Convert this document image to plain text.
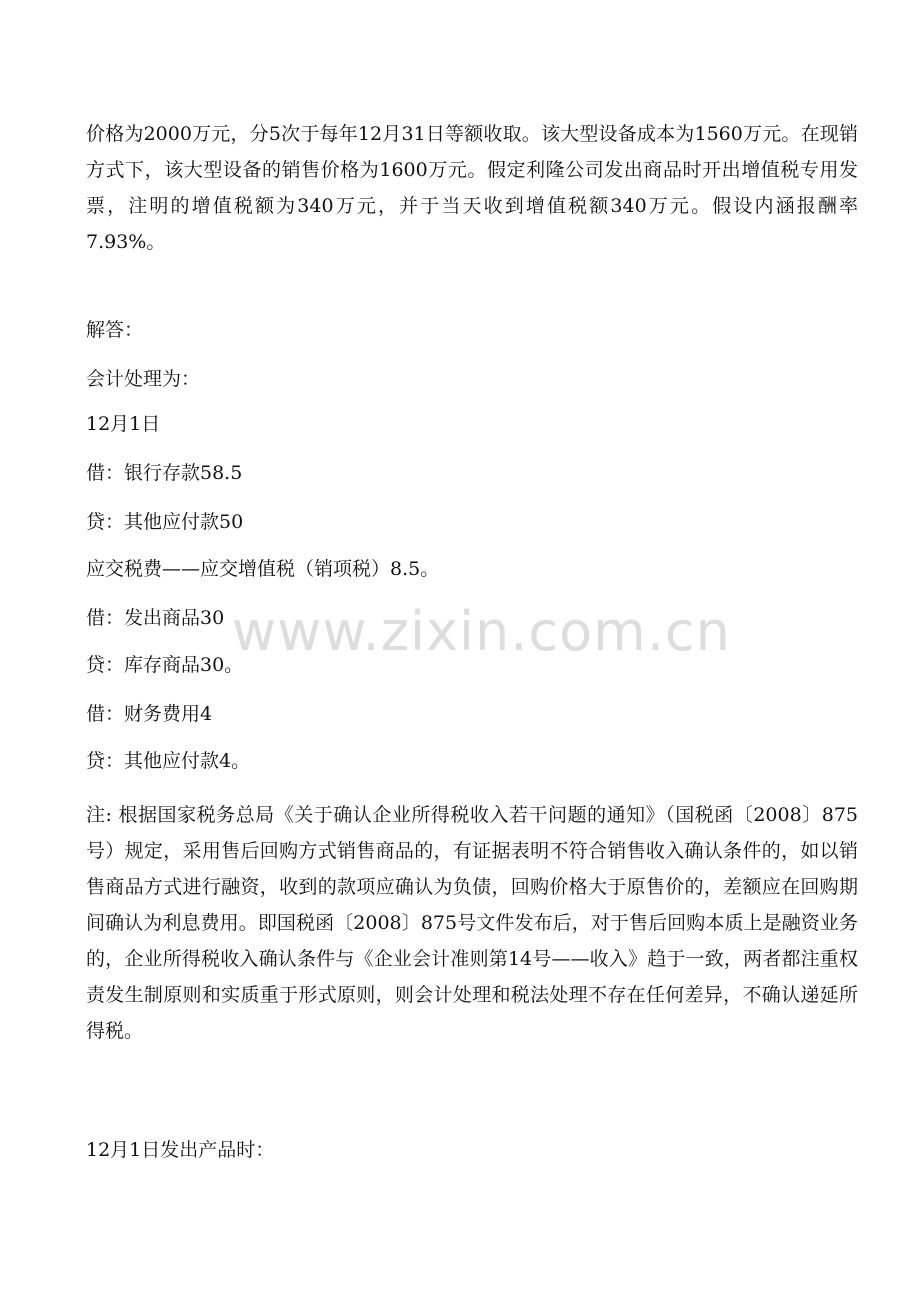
价格为2000万元，分5次于每年12月31日等额收取。该大型设备成本为1560万元。在现销方式下，该大型设备的销售价格为1600万元。假定利隆公司发出商品时开出增值税专用发票，注明的增值税额为340万元，并于当天收到增值税额340万元。假设内涵报酬率7.93%。
解答：
会计处理为：
12月1日
借：银行存款58.5
贷：其他应付款50
应交税费——应交增值税（销项税）8.5。
借：发出商品30
贷：库存商品30。
借：财务费用4
贷：其他应付款4。
注: 根据国家税务总局《关于确认企业所得税收入若干问题的通知》（国税函〔2008〕875号）规定，采用售后回购方式销售商品的，有证据表明不符合销售收入确认条件的，如以销售商品方式进行融资，收到的款项应确认为负债，回购价格大于原售价的，差额应在回购期间确认为利息费用。即国税函〔2008〕875号文件发布后，对于售后回购本质上是融资业务的，企业所得税收入确认条件与《企业会计准则第14号——收入》趋于一致，两者都注重权责发生制原则和实质重于形式原则，则会计处理和税法处理不存在任何差异，不确认递延所得税。
12月1日发出产品时：
www.zixin.com.cn
